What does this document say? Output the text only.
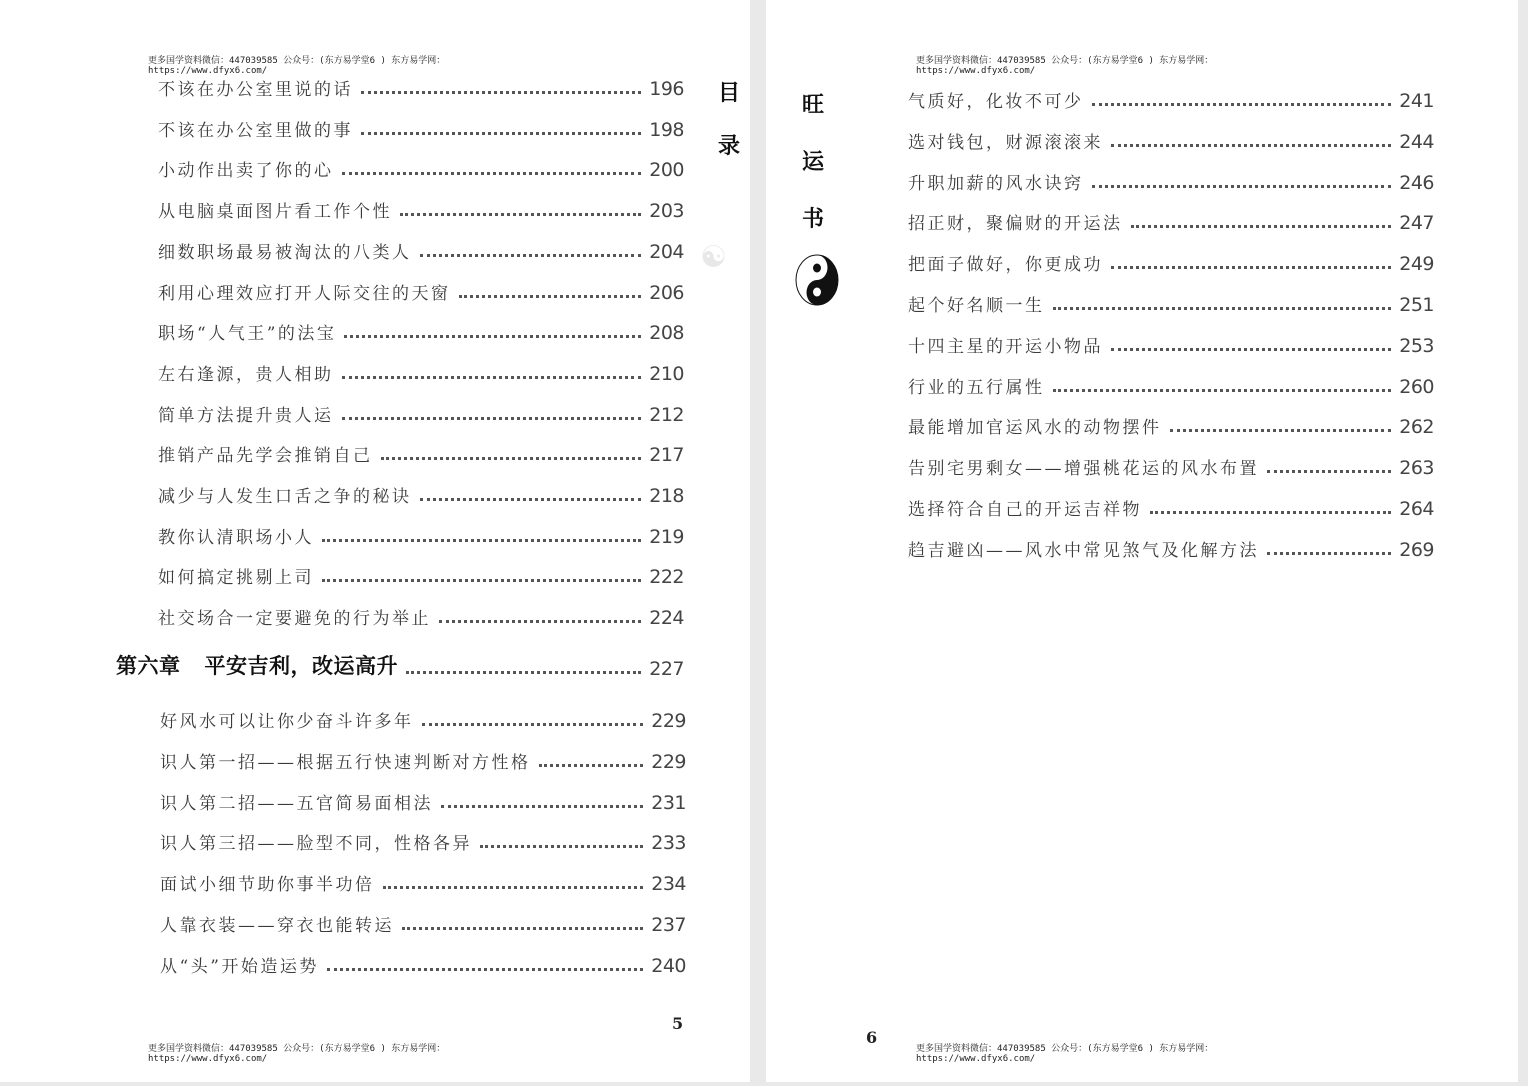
更多国学资料微信：447039585 公众号：(东方易学堂6 ) 东方易学网：
https://www.dfyx6.com/
不该在办公室里说的话	196
不该在办公室里做的事	198
小动作出卖了你的心	200
从电脑桌面图片看工作个性	203
细数职场最易被淘汰的八类人	204
利用心理效应打开人际交往的天窗	206
职场“人气王”的法宝	208
左右逢源，贵人相助	210
简单方法提升贵人运	212
推销产品先学会推销自己	217
减少与人发生口舌之争的秘诀	218
教你认清职场小人	219
如何搞定挑剔上司	222
社交场合一定要避免的行为举止	224
第六章 平安吉利，改运高升	227
好风水可以让你少奋斗许多年	229
识人第一招——根据五行快速判断对方性格	229
识人第二招——五官简易面相法	231
识人第三招——脸型不同，性格各异	233
面试小细节助你事半功倍	234
人靠衣装——穿衣也能转运	237
从“头”开始造运势	240
目
录
☯
5
更多国学资料微信：447039585 公众号：(东方易学堂6 ) 东方易学网：
https://www.dfyx6.com/
更多国学资料微信：447039585 公众号：(东方易学堂6 ) 东方易学网：
https://www.dfyx6.com/
旺
运
书
气质好，化妆不可少	241
选对钱包，财源滚滚来	244
升职加薪的风水诀窍	246
招正财，聚偏财的开运法	247
把面子做好，你更成功	249
起个好名顺一生	251
十四主星的开运小物品	253
行业的五行属性	260
最能增加官运风水的动物摆件	262
告别宅男剩女——增强桃花运的风水布置	263
选择符合自己的开运吉祥物	264
趋吉避凶——风水中常见煞气及化解方法	269
6
更多国学资料微信：447039585 公众号：(东方易学堂6 ) 东方易学网：
https://www.dfyx6.com/
